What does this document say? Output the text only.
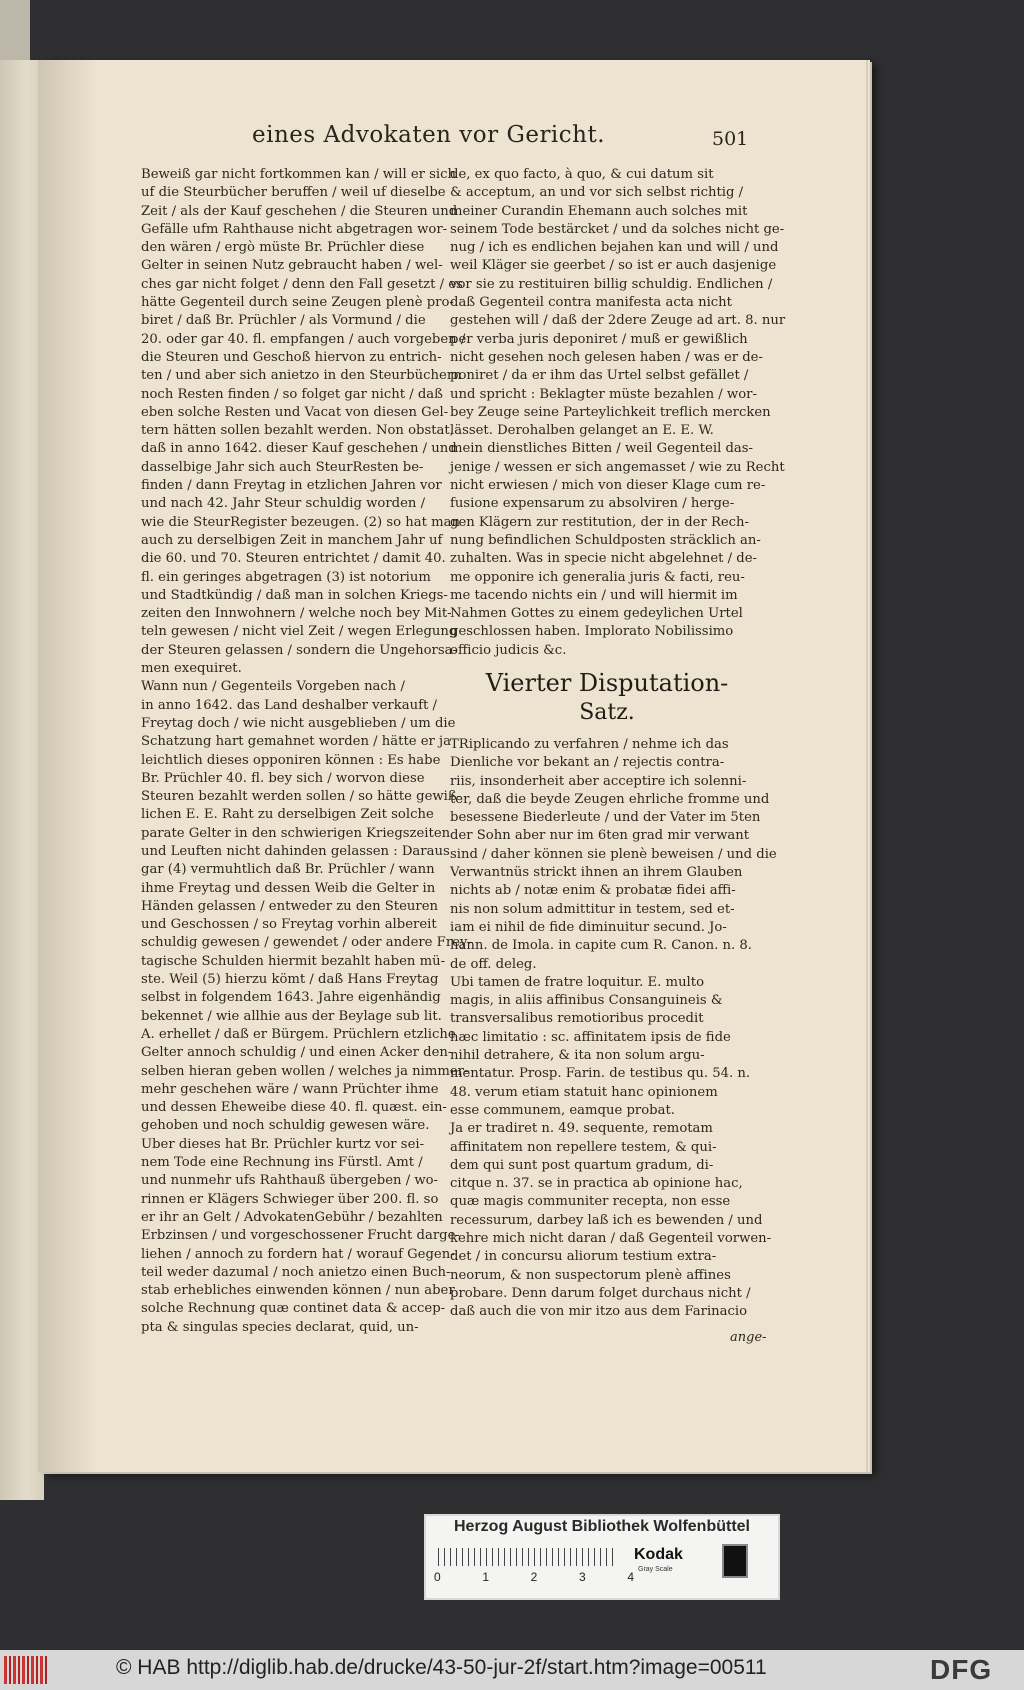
eines Advokaten vor Gericht.	501
Beweiß gar nicht fortkommen kan / will er sich
uf die Steurbücher beruffen / weil uf dieselbe
Zeit / als der Kauf geschehen / die Steuren und
Gefälle ufm Rahthause nicht abgetragen wor-
den wären / ergò müste Br. Prüchler diese
Gelter in seinen Nutz gebraucht haben / wel-
ches gar nicht folget / denn den Fall gesetzt / es
hätte Gegenteil durch seine Zeugen plenè pro-
biret / daß Br. Prüchler / als Vormund / die
20. oder gar 40. fl. empfangen / auch vorgeben /
die Steuren und Geschoß hiervon zu entrich-
ten / und aber sich anietzo in den Steurbüchern
noch Resten finden / so folget gar nicht / daß
eben solche Resten und Vacat von diesen Gel-
tern hätten sollen bezahlt werden. Non obstat,
daß in anno 1642. dieser Kauf geschehen / und
dasselbige Jahr sich auch SteurResten be-
finden / dann Freytag in etzlichen Jahren vor
und nach 42. Jahr Steur schuldig worden /
wie die SteurRegister bezeugen. (2) so hat man
auch zu derselbigen Zeit in manchem Jahr uf
die 60. und 70. Steuren entrichtet / damit 40.
fl. ein geringes abgetragen (3) ist notorium
und Stadtkündig / daß man in solchen Kriegs-
zeiten den Innwohnern / welche noch bey Mit-
teln gewesen / nicht viel Zeit / wegen Erlegung
der Steuren gelassen / sondern die Ungehorsa-
men exequiret.
Wann nun / Gegenteils Vorgeben nach /
in anno 1642. das Land deshalber verkauft /
Freytag doch / wie nicht ausgeblieben / um die
Schatzung hart gemahnet worden / hätte er ja
leichtlich dieses opponiren können : Es habe
Br. Prüchler 40. fl. bey sich / worvon diese
Steuren bezahlt werden sollen / so hätte gewiß-
lichen E. E. Raht zu derselbigen Zeit solche
parate Gelter in den schwierigen Kriegszeiten
und Leuften nicht dahinden gelassen : Daraus
gar (4) vermuhtlich daß Br. Prüchler / wann
ihme Freytag und dessen Weib die Gelter in
Händen gelassen / entweder zu den Steuren
und Geschossen / so Freytag vorhin albereit
schuldig gewesen / gewendet / oder andere Frey-
tagische Schulden hiermit bezahlt haben mü-
ste. Weil (5) hierzu kömt / daß Hans Freytag
selbst in folgendem 1643. Jahre eigenhändig
bekennet / wie allhie aus der Beylage sub lit.
A. erhellet / daß er Bürgem. Prüchlern etzliche
Gelter annoch schuldig / und einen Acker den-
selben hieran geben wollen / welches ja nimmer-
mehr geschehen wäre / wann Prüchter ihme
und dessen Eheweibe diese 40. fl. quæst. ein-
gehoben und noch schuldig gewesen wäre.
Uber dieses hat Br. Prüchler kurtz vor sei-
nem Tode eine Rechnung ins Fürstl. Amt /
und nunmehr ufs Rahthauß übergeben / wo-
rinnen er Klägers Schwieger über 200. fl. so
er ihr an Gelt / AdvokatenGebühr / bezahlten
Erbzinsen / und vorgeschossener Frucht darge-
liehen / annoch zu fordern hat / worauf Gegen-
teil weder dazumal / noch anietzo einen Buch-
stab erhebliches einwenden können / nun aber
solche Rechnung quæ continet data & accep-
pta & singulas species declarat, quid, un-
de, ex quo facto, à quo, & cui datum sit
& acceptum, an und vor sich selbst richtig /
meiner Curandin Ehemann auch solches mit
seinem Tode bestärcket / und da solches nicht ge-
nug / ich es endlichen bejahen kan und will / und
weil Kläger sie geerbet / so ist er auch dasjenige
vor sie zu restituiren billig schuldig. Endlichen /
daß Gegenteil contra manifesta acta nicht
gestehen will / daß der 2dere Zeuge ad art. 8. nur
per verba juris deponiret / muß er gewißlich
nicht gesehen noch gelesen haben / was er de-
poniret / da er ihm das Urtel selbst gefället /
und spricht : Beklagter müste bezahlen / wor-
bey Zeuge seine Parteylichkeit treflich mercken
lässet. Derohalben gelanget an E. E. W.
mein dienstliches Bitten / weil Gegenteil das-
jenige / wessen er sich angemasset / wie zu Recht
nicht erwiesen / mich von dieser Klage cum re-
fusione expensarum zu absolviren / herge-
gen Klägern zur restitution, der in der Rech-
nung befindlichen Schuldposten sträcklich an-
zuhalten. Was in specie nicht abgelehnet / de-
me opponire ich generalia juris & facti, reu-
me tacendo nichts ein / und will hiermit im
Nahmen Gottes zu einem gedeylichen Urtel
geschlossen haben. Implorato Nobilissimo
officio judicis &c.
Vierter Disputation-
Satz.
TRiplicando zu verfahren / nehme ich das
Dienliche vor bekant an / rejectis contra-
riis, insonderheit aber acceptire ich solenni-
ter, daß die beyde Zeugen ehrliche fromme und
besessene Biederleute / und der Vater im 5ten
der Sohn aber nur im 6ten grad mir verwant
sind / daher können sie plenè beweisen / und die
Verwantnüs strickt ihnen an ihrem Glauben
nichts ab / notæ enim & probatæ fidei affi-
nis non solum admittitur in testem, sed et-
iam ei nihil de fide diminuitur secund. Jo-
hann. de Imola. in capite cum R. Canon. n. 8.
de off. deleg.
Ubi tamen de fratre loquitur. E. multo
magis, in aliis affinibus Consanguineis &
transversalibus remotioribus procedit
hæc limitatio : sc. affinitatem ipsis de fide
nihil detrahere, & ita non solum argu-
mentatur. Prosp. Farin. de testibus qu. 54. n.
48. verum etiam statuit hanc opinionem
esse communem, eamque probat.
Ja er tradiret n. 49. sequente, remotam
affinitatem non repellere testem, & qui-
dem qui sunt post quartum gradum, di-
citque n. 37. se in practica ab opinione hac,
quæ magis communiter recepta, non esse
recessurum, darbey laß ich es bewenden / und
kehre mich nicht daran / daß Gegenteil vorwen-
det / in concursu aliorum testium extra-
neorum, & non suspectorum plenè affines
probare. Denn darum folget durchaus nicht /
daß auch die von mir itzo aus dem Farinacio
ange-
Herzog August Bibliothek Wolfenbüttel
0	1	2	3	4
Kodak
Gray Scale
© HAB http://diglib.hab.de/drucke/43-50-jur-2f/start.htm?image=00511	DFG
